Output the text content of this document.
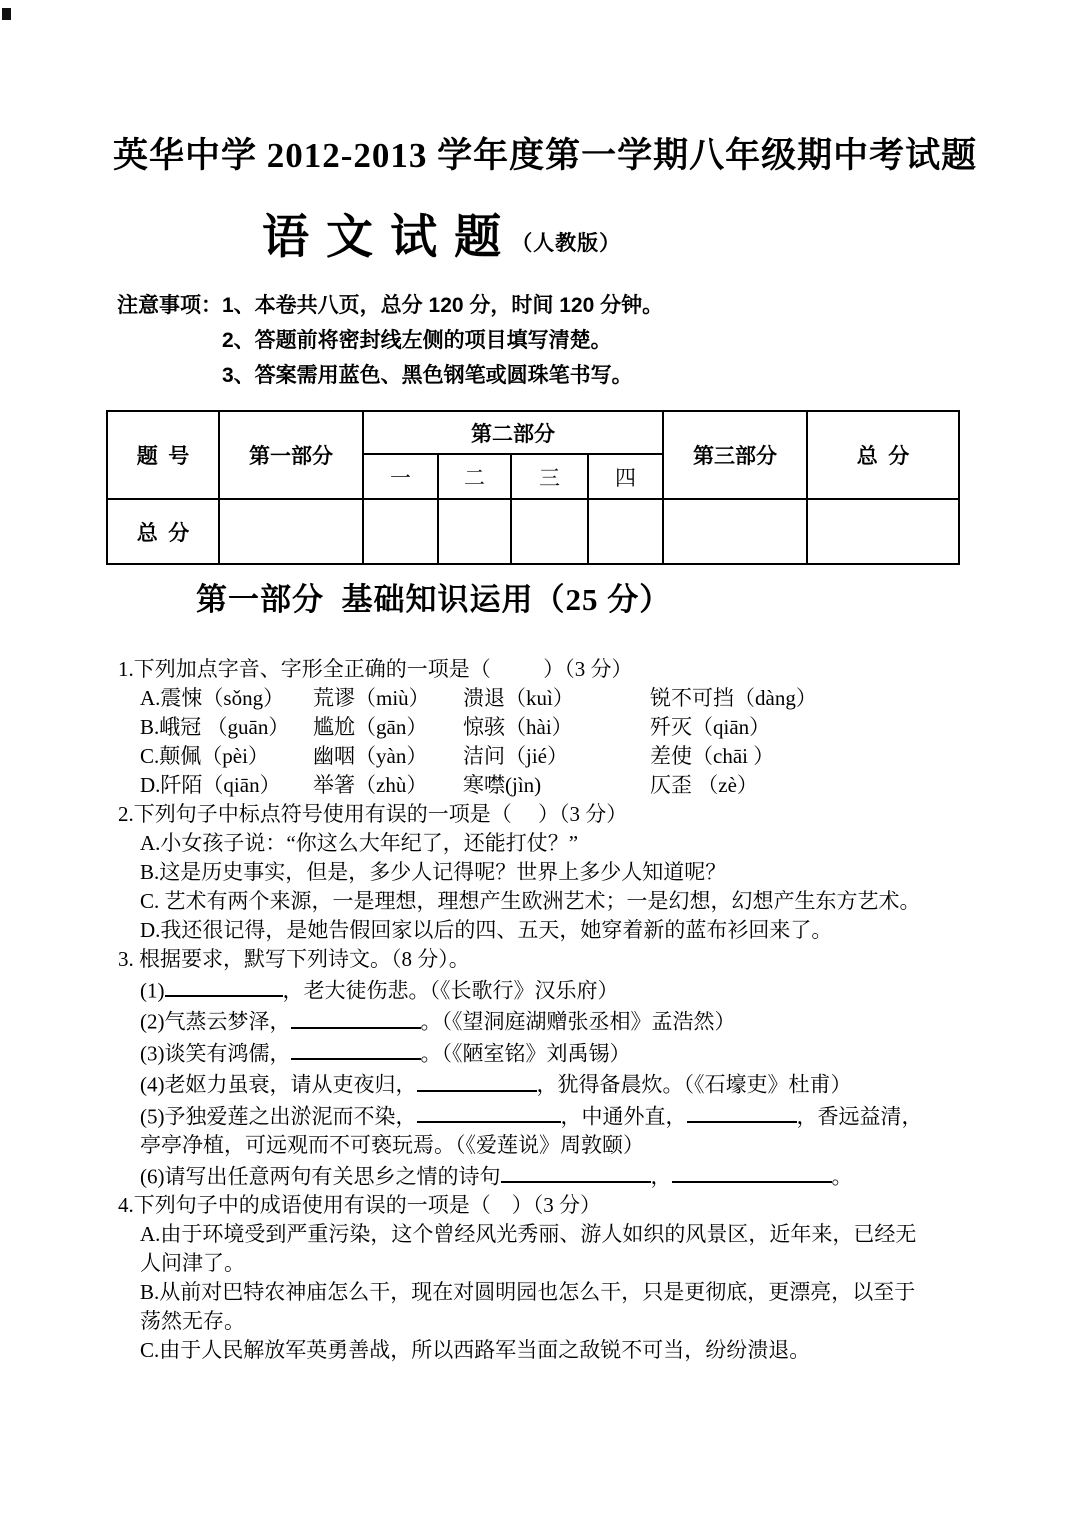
英华中学 2012-2013 学年度第一学期八年级期中考试题
语 文 试 题 （人教版）
注意事项： 1、本卷共八页，总分 120 分，时间 120 分钟。
2、答题前将密封线左侧的项目填写清楚。
3、答案需用蓝色、黑色钢笔或圆珠笔书写。
题  号	第一部分	第二部分				第三部分	总  分
		一	二	三	四		
总  分							
第一部分  基础知识运用（25 分）
1.下列加点字音、字形全正确的一项是（          ）（3 分）
A.震悚（sǒng）	荒谬（miù）	溃退（kuì）	锐不可挡（dàng）
B.峨冠 （guān）	尴尬（gān）	惊骇（hài）	歼灭（qiān）
C.颠佩（pèi）	幽咽（yàn）	洁问（jié）	差使（chāi ）
D.阡陌（qiān）	举箸（zhù）	寒噤(jìn)	仄歪 （zè）
2.下列句子中标点符号使用有误的一项是（     ）（3 分）
A.小女孩子说：“你这么大年纪了，还能打仗？”
B.这是历史事实，但是，多少人记得呢？世界上多少人知道呢？
C. 艺术有两个来源，一是理想，理想产生欧洲艺术；一是幻想，幻想产生东方艺术。
D.我还很记得，是她告假回家以后的四、五天，她穿着新的蓝布衫回来了。
3. 根据要求，默写下列诗文。（8 分）。
(1)	，老大徒伤悲。（《长歌行》汉乐府）
(2)气蒸云梦泽，	。（《望洞庭湖赠张丞相》孟浩然）
(3)谈笑有鸿儒，	。（《陋室铭》刘禹锡）
(4)老妪力虽衰，请从吏夜归，	，犹得备晨炊。（《石壕吏》杜甫）
(5)予独爱莲之出淤泥而不染，	，中通外直，	，香远益清，
亭亭净植，可远观而不可亵玩焉。（《爱莲说》周敦颐）
(6)请写出任意两句有关思乡之情的诗句	，	。
4.下列句子中的成语使用有误的一项是（    ）（3 分）
A.由于环境受到严重污染，这个曾经风光秀丽、游人如织的风景区，近年来，已经无
人问津了。
B.从前对巴特农神庙怎么干，现在对圆明园也怎么干，只是更彻底，更漂亮，以至于
荡然无存。
C.由于人民解放军英勇善战，所以西路军当面之敌锐不可当，纷纷溃退。
